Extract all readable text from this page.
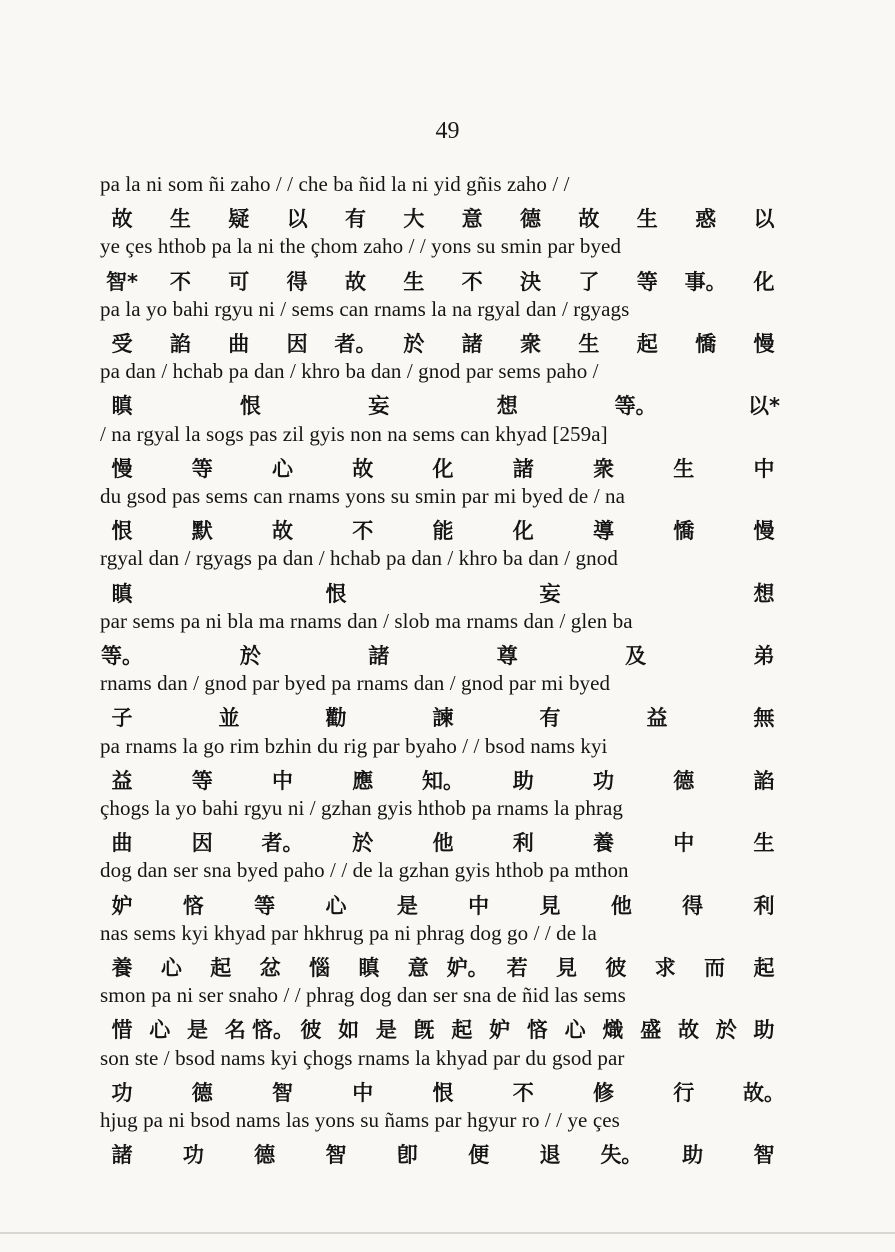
49
pa la ni som ñi zaho / / che ba ñid la ni yid gñis zaho / /
故 生 疑 以 有 大 意 德 故 生 惑 以
ye çes hthob pa la ni the çhom zaho / / yons su smin par byed
智* 不 可 得 故 生 不 決 了 等 事。 化
pa la yo bahi rgyu ni / sems can rnams la na rgyal dan / rgyags
受 諂 曲 因 者。 於 諸 衆 生 起 憍 慢
pa dan / hchab pa dan / khro ba dan / gnod par sems paho /
瞋	恨	妄	想	等。	以*
/ na rgyal la sogs pas zil gyis non na sems can khyad [259a]
慢	等	心	故	化	諸	衆	生	中
du gsod pas sems can rnams yons su smin par mi byed de / na
恨	默	故	不	能	化	導	憍	慢
rgyal dan / rgyags pa dan / hchab pa dan / khro ba dan / gnod
瞋	恨	妄	想
par sems pa ni bla ma rnams dan / slob ma rnams dan / glen ba
等。	於	諸	尊	及	弟
rnams dan / gnod par byed pa rnams dan / gnod par mi byed
子	並	勸	諫	有	益	無
pa rnams la go rim bzhin du rig par byaho / / bsod nams kyi
益	等	中	應 知。 助	功	德	諂
çhogs la yo bahi rgyu ni / gzhan gyis hthob pa rnams la phrag
曲	因 者。 於	他	利	養	中	生
dog dan ser sna byed paho / / de la gzhan gyis hthob pa mthon
妒 悋 等 心 是 中 見 他 得 利
nas sems kyi khyad par hkhrug pa ni phrag dog go / / de la
養 心 起 忿 惱 瞋 意 妒。 若 見 彼 求 而 起
smon pa ni ser snaho / / phrag dog dan ser sna de ñid las sems
惜 心 是 名 悋。 彼 如 是 旣 起 妒 悋 心 熾 盛 故 於 助
son ste / bsod nams kyi çhogs rnams la khyad par du gsod par
功	德	智	中	恨	不	修	行 故。
hjug pa ni bsod nams las yons su ñams par hgyur ro / / ye çes
諸 功 德 智 卽 便 退 失。 助 智
